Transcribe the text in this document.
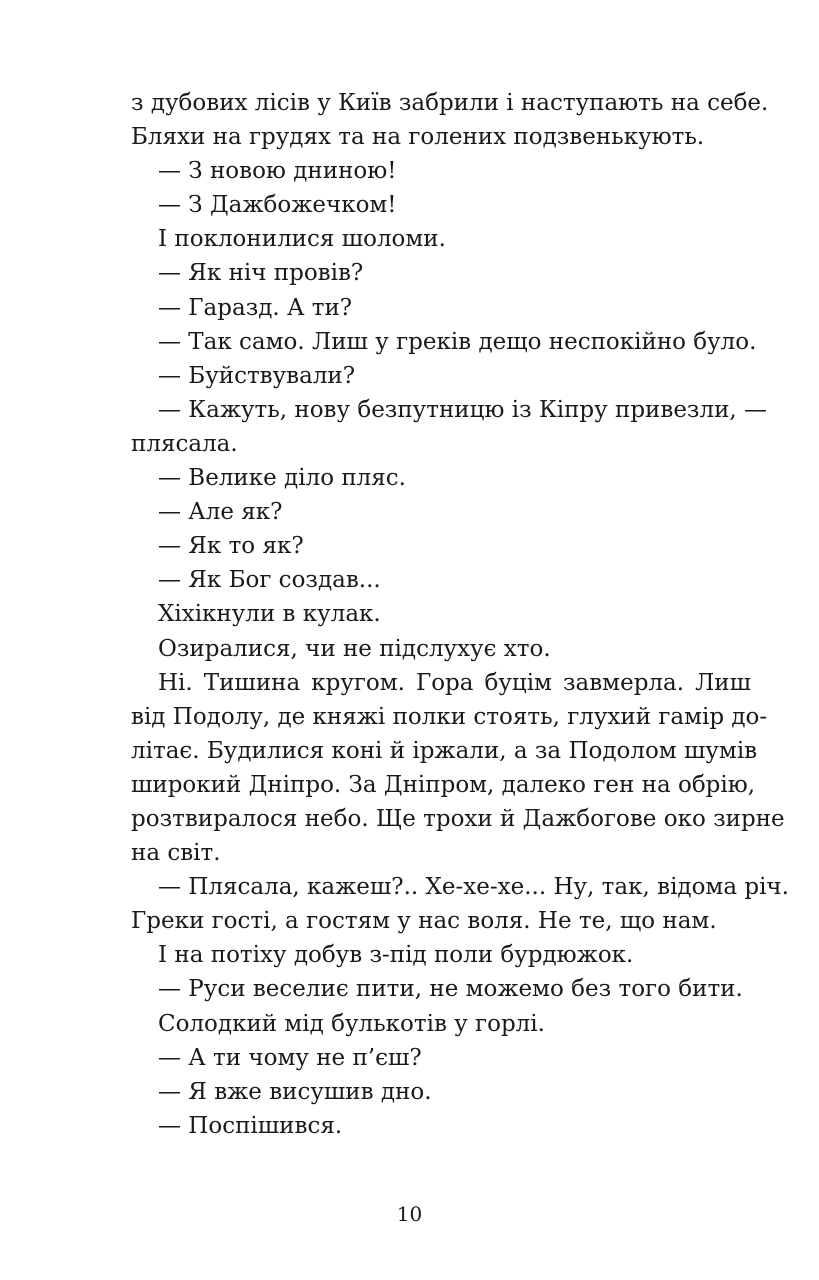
з дубових лісів у Київ забрили і наступають на себе.
Бляхи на грудях та на голених подзвенькують.
— З новою дниною!
— З Дажбожечком!
І поклонилися шоломи.
— Як ніч провів?
— Гаразд. А ти?
— Так само. Лиш у греків дещо неспокійно було.
— Буйствували?
— Кажуть, нову безпутницю із Кіпру привезли, —
плясала.
— Велике діло пляс.
— Але як?
— Як то як?
— Як Бог создав...
Хіхікнули в кулак.
Озиралися, чи не підслухує хто.
Ні. Тишина кругом. Гора буцім завмерла. Лиш
від Подолу, де княжі полки стоять, глухий гамір до-
літає. Будилися коні й іржали, а за Подолом шумів
широкий Дніпро. За Дніпром, далеко ген на обрію,
розтвиралося небо. Ще трохи й Дажбогове око зирне
на світ.
— Плясала, кажеш?.. Хе-хе-хе... Ну, так, відома річ.
Греки гості, а гостям у нас воля. Не те, що нам.
І на потіху добув з-під поли бурдюжок.
— Руси веселиє пити, не можемо без того бити.
Солодкий мід булькотів у горлі.
— А ти чому не п’єш?
— Я вже висушив дно.
— Поспішився.
10
